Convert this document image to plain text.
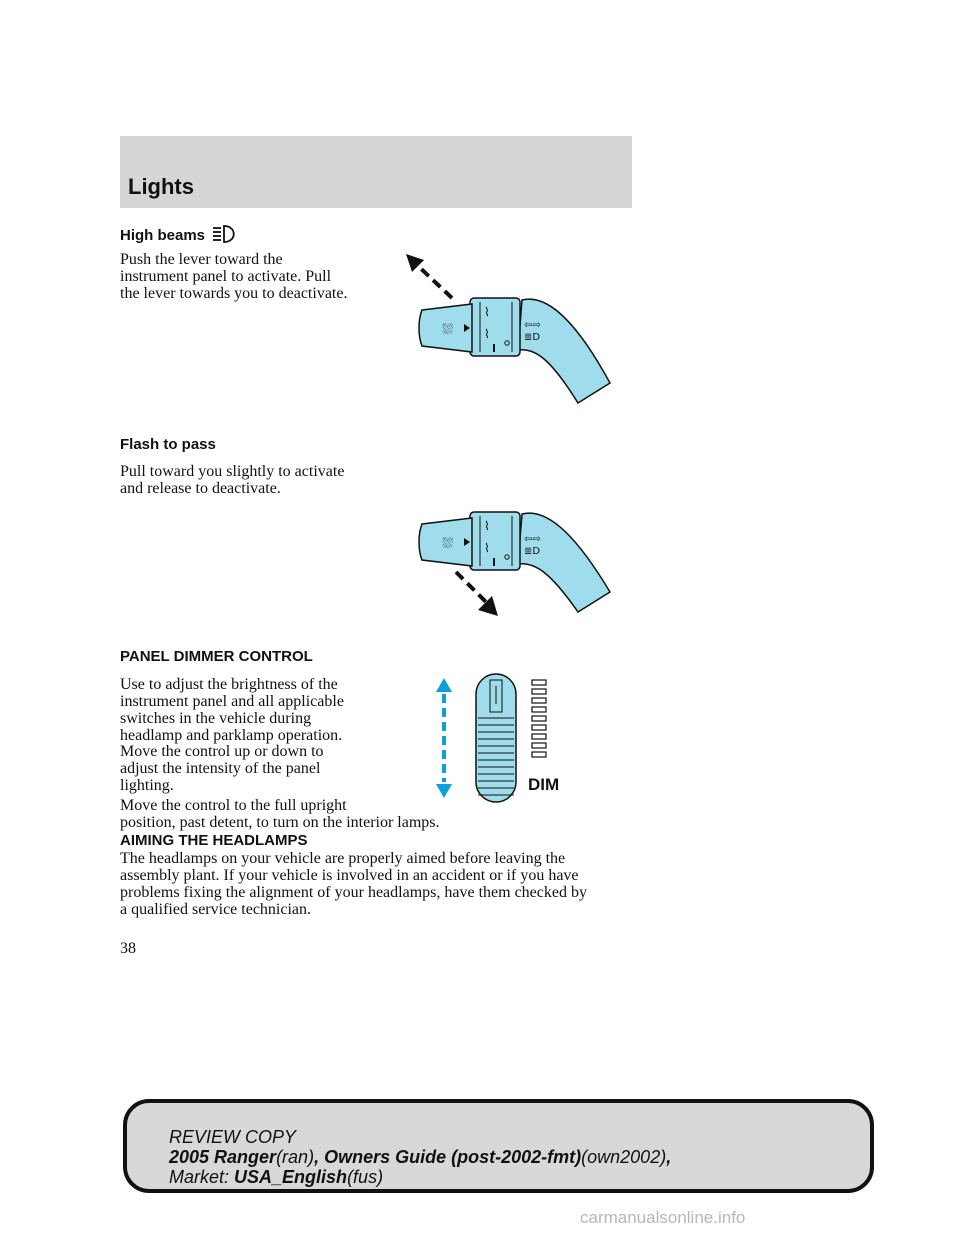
Lights
High beams
Push the lever toward the
instrument panel to activate. Pull
the lever towards you to deactivate.
⛆
⌇
⌇
⇦⇨
≣D
Flash to pass
Pull toward you slightly to activate
and release to deactivate.
⛆
⌇
⌇
⇦⇨
≣D
PANEL DIMMER CONTROL
Use to adjust the brightness of the
instrument panel and all applicable
switches in the vehicle during
headlamp and parklamp operation.
Move the control up or down to
adjust the intensity of the panel
lighting.
Move the control to the full upright
position, past detent, to turn on the interior lamps.
DIM
AIMING THE HEADLAMPS
The headlamps on your vehicle are properly aimed before leaving the
assembly plant. If your vehicle is involved in an accident or if you have
problems fixing the alignment of your headlamps, have them checked by
a qualified service technician.
38
REVIEW COPY
2005 Ranger(ran), Owners Guide (post-2002-fmt)(own2002),
Market: USA_English(fus)
carmanualsonline.info
